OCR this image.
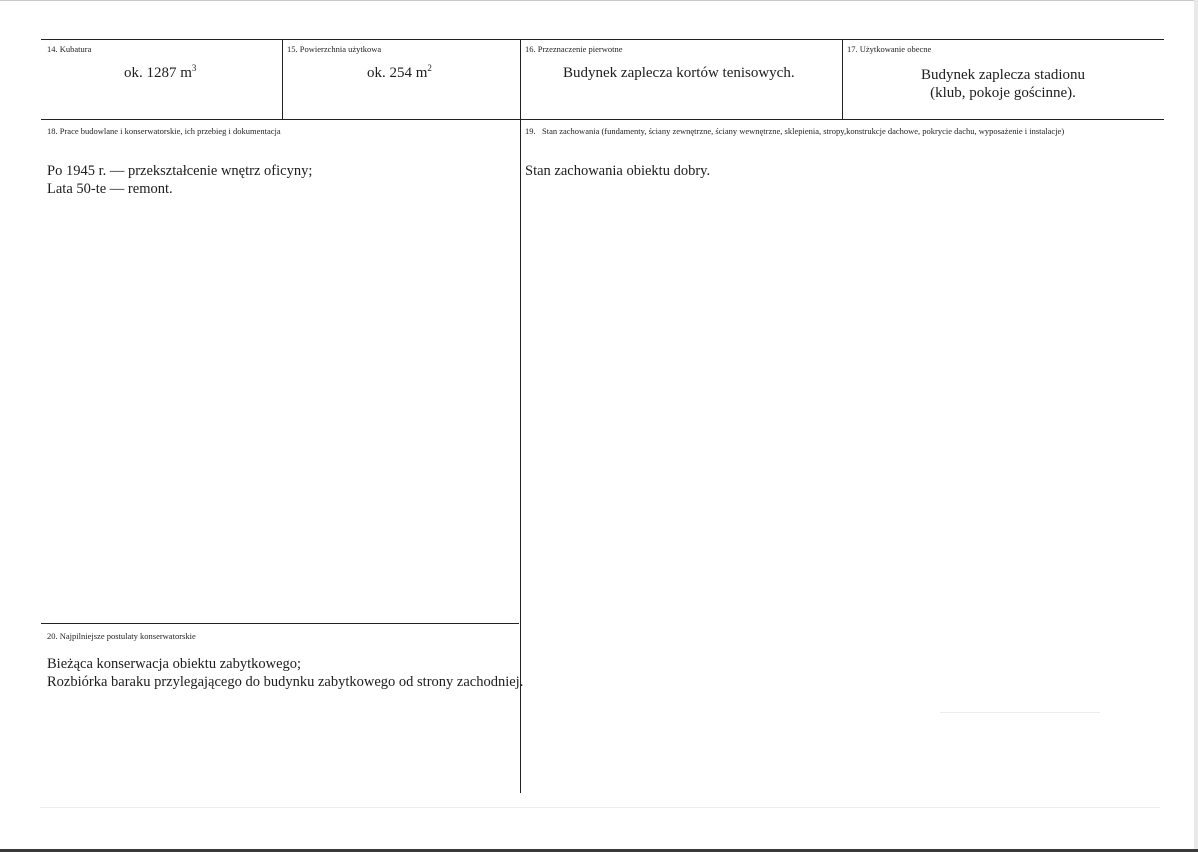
14. Kubatura
ok. 1287 $m^3$
15. Powierzchnia użytkowa
ok. 254 $m^2$
16. Przeznaczenie pierwotne
Budynek zaplecza kortów tenisowych.
17. Użytkowanie obecne
Budynek zaplecza stadionu
(klub, pokoje gościnne).
18. Prace budowlane i konserwatorskie, ich przebieg i dokumentacja
Po 1945 r. — przekształcenie wnętrz oficyny;
Lata 50-te — remont.
19.   Stan zachowania (fundamenty, ściany zewnętrzne, ściany wewnętrzne, sklepienia, stropy,konstrukcje dachowe, pokrycie dachu, wyposażenie i instalacje)
Stan zachowania obiektu dobry.
20. Najpilniejsze postulaty konserwatorskie
Bieżąca konserwacja obiektu zabytkowego;
Rozbiórka baraku przylegającego do budynku zabytkowego od strony zachodniej.
